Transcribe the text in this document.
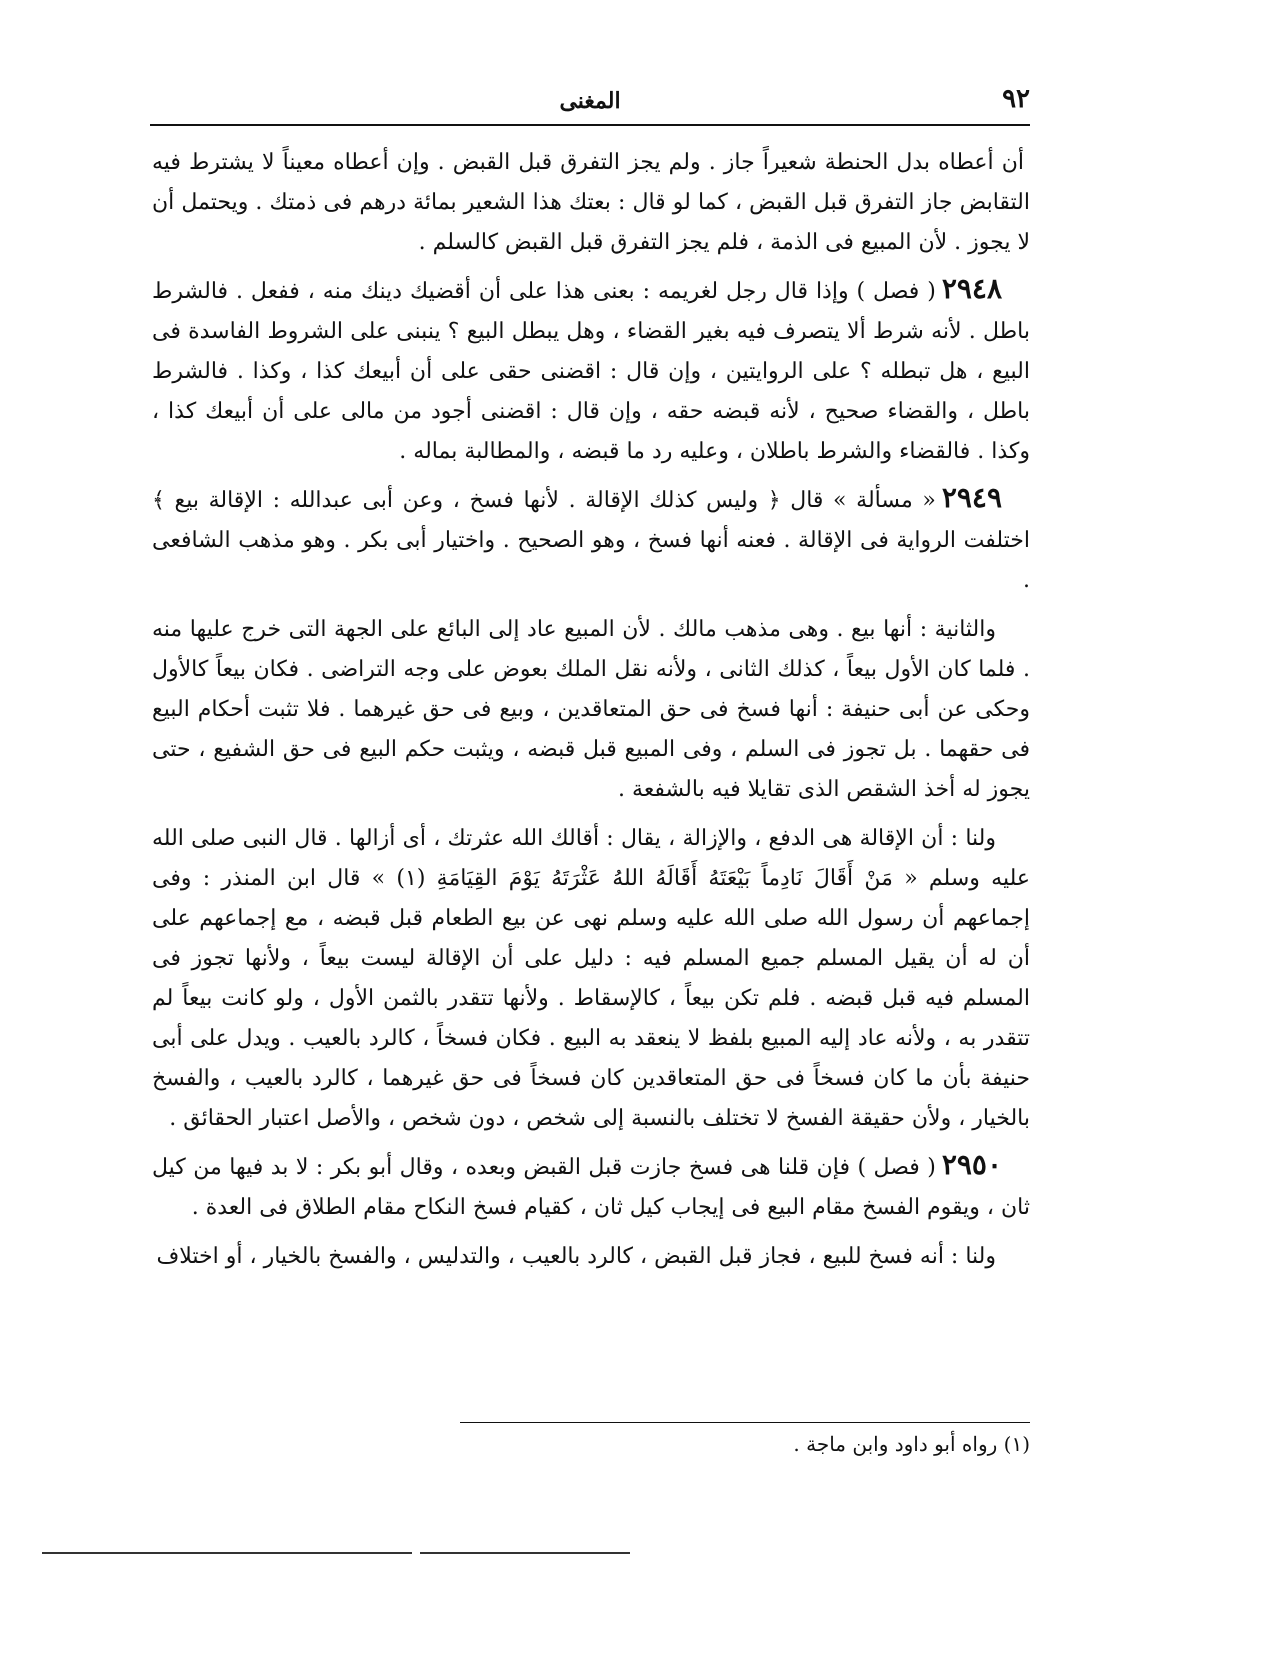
٩٢
المغنى

أن أعطاه بدل الحنطة شعيراً جاز . ولم يجز التفرق قبل القبض . وإن أعطاه معيناً لا يشترط فيه التقابض جاز التفرق قبل القبض ، كما لو قال : بعتك هذا الشعير بمائة درهم فى ذمتك . ويحتمل أن لا يجوز . لأن المبيع فى الذمة ، فلم يجز التفرق قبل القبض كالسلم .

٢٩٤٨( فصل ) وإذا قال رجل لغريمه : بعنى هذا على أن أقضيك دينك منه ، ففعل . فالشرط باطل . لأنه شرط ألا يتصرف فيه بغير القضاء ، وهل يبطل البيع ؟ ينبنى على الشروط الفاسدة فى البيع ، هل تبطله ؟ على الروايتين ، وإن قال : اقضنى حقى على أن أبيعك كذا ، وكذا . فالشرط باطل ، والقضاء صحيح ، لأنه قبضه حقه ، وإن قال : اقضنى أجود من مالى على أن أبيعك كذا ، وكذا . فالقضاء والشرط باطلان ، وعليه رد ما قبضه ، والمطالبة بماله .

٢٩٤٩« مسألة » قال ﴿ وليس كذلك الإقالة . لأنها فسخ ، وعن أبى عبدالله : الإقالة بيع ﴾ اختلفت الرواية فى الإقالة . فعنه أنها فسخ ، وهو الصحيح . واختيار أبى بكر . وهو مذهب الشافعى .

والثانية : أنها بيع . وهى مذهب مالك . لأن المبيع عاد إلى البائع على الجهة التى خرج عليها منه . فلما كان الأول بيعاً ، كذلك الثانى ، ولأنه نقل الملك بعوض على وجه التراضى . فكان بيعاً كالأول وحكى عن أبى حنيفة : أنها فسخ فى حق المتعاقدين ، وبيع فى حق غيرهما . فلا تثبت أحكام البيع فى حقهما . بل تجوز فى السلم ، وفى المبيع قبل قبضه ، ويثبت حكم البيع فى حق الشفيع ، حتى يجوز له أخذ الشقص الذى تقايلا فيه بالشفعة .

ولنا : أن الإقالة هى الدفع ، والإزالة ، يقال : أقالك الله عثرتك ، أى أزالها . قال النبى صلى الله عليه وسلم « مَنْ أَقَالَ نَادِماً بَيْعَتَهُ أَقَالَهُ اللهُ عَثْرَتَهُ يَوْمَ القِيَامَةِ (١) » قال ابن المنذر : وفى إجماعهم أن رسول الله صلى الله عليه وسلم نهى عن بيع الطعام قبل قبضه ، مع إجماعهم على أن له أن يقيل المسلم جميع المسلم فيه : دليل على أن الإقالة ليست بيعاً ، ولأنها تجوز فى المسلم فيه قبل قبضه . فلم تكن بيعاً ، كالإسقاط . ولأنها تتقدر بالثمن الأول ، ولو كانت بيعاً لم تتقدر به ، ولأنه عاد إليه المبيع بلفظ لا ينعقد به البيع . فكان فسخاً ، كالرد بالعيب . ويدل على أبى حنيفة بأن ما كان فسخاً فى حق المتعاقدين كان فسخاً فى حق غيرهما ، كالرد بالعيب ، والفسخ بالخيار ، ولأن حقيقة الفسخ لا تختلف بالنسبة إلى شخص ، دون شخص ، والأصل اعتبار الحقائق .

٢٩٥٠( فصل ) فإن قلنا هى فسخ جازت قبل القبض وبعده ، وقال أبو بكر : لا بد فيها من كيل ثان ، ويقوم الفسخ مقام البيع فى إيجاب كيل ثان ، كقيام فسخ النكاح مقام الطلاق فى العدة .

ولنا : أنه فسخ للبيع ، فجاز قبل القبض ، كالرد بالعيب ، والتدليس ، والفسخ بالخيار ، أو اختلاف

(١) رواه أبو داود وابن ماجة .
